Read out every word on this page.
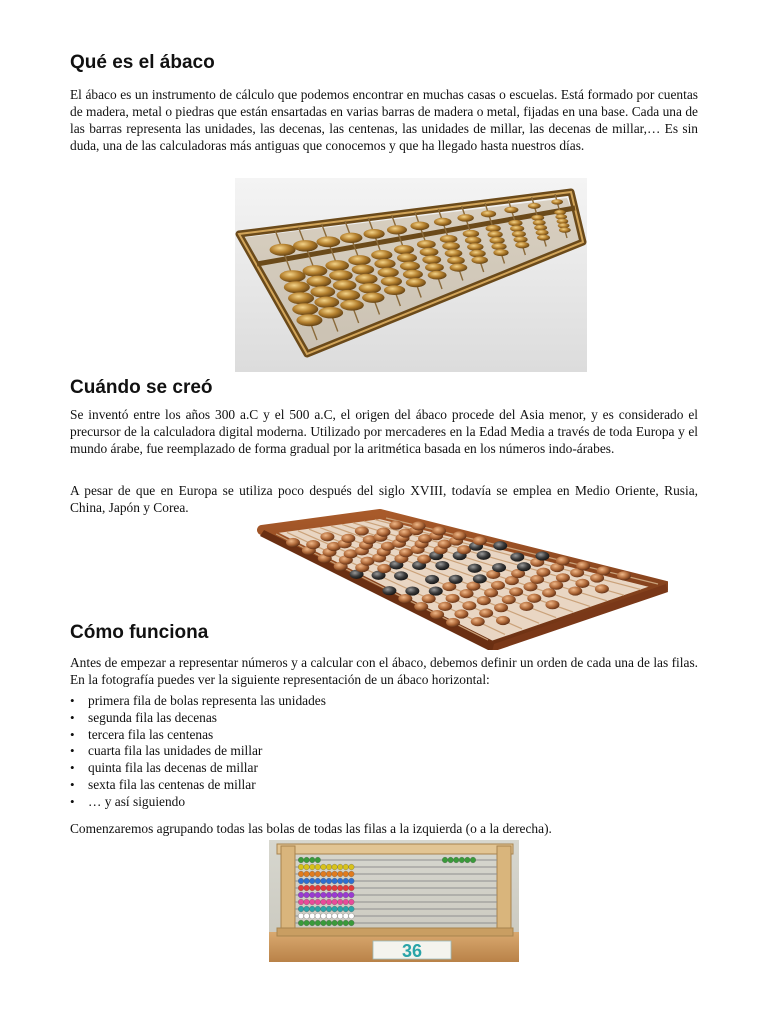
Qué es el ábaco

El ábaco es un instrumento de cálculo que podemos encontrar en muchas casas o escuelas. Está formado por cuentas de madera, metal o piedras que están ensartadas en varias barras de madera o metal, fijadas en una base. Cada una de las barras representa las unidades, las decenas, las centenas, las unidades de millar, las decenas de millar,… Es sin duda, una de las calculadoras más antiguas que conocemos y que ha llegado hasta nuestros días.

Cuándo se creó

Se inventó entre los años 300 a.C y el 500 a.C, el origen del ábaco procede del Asia menor, y es considerado el precursor de la calculadora digital moderna. Utilizado por mercaderes en la Edad Media a través de toda Europa y el mundo árabe, fue reemplazado de forma gradual por la aritmética basada en los números indo-árabes.

A pesar de que en Europa se utiliza poco después del siglo XVIII, todavía se emplea en Medio Oriente, Rusia, China, Japón y Corea.

Cómo funciona

Antes de empezar a representar números y a calcular con el ábaco, debemos definir un orden de cada una de las filas. En la fotografía puedes ver la siguiente representación de un ábaco horizontal:

• primera fila de bolas representa las unidades
• segunda fila las decenas
• tercera fila las centenas
• cuarta fila las unidades de millar
• quinta fila las decenas de millar
• sexta fila las centenas de millar
• … y así siguiendo

Comenzaremos agrupando todas las bolas de todas las filas a la izquierda (o a la derecha).

36
